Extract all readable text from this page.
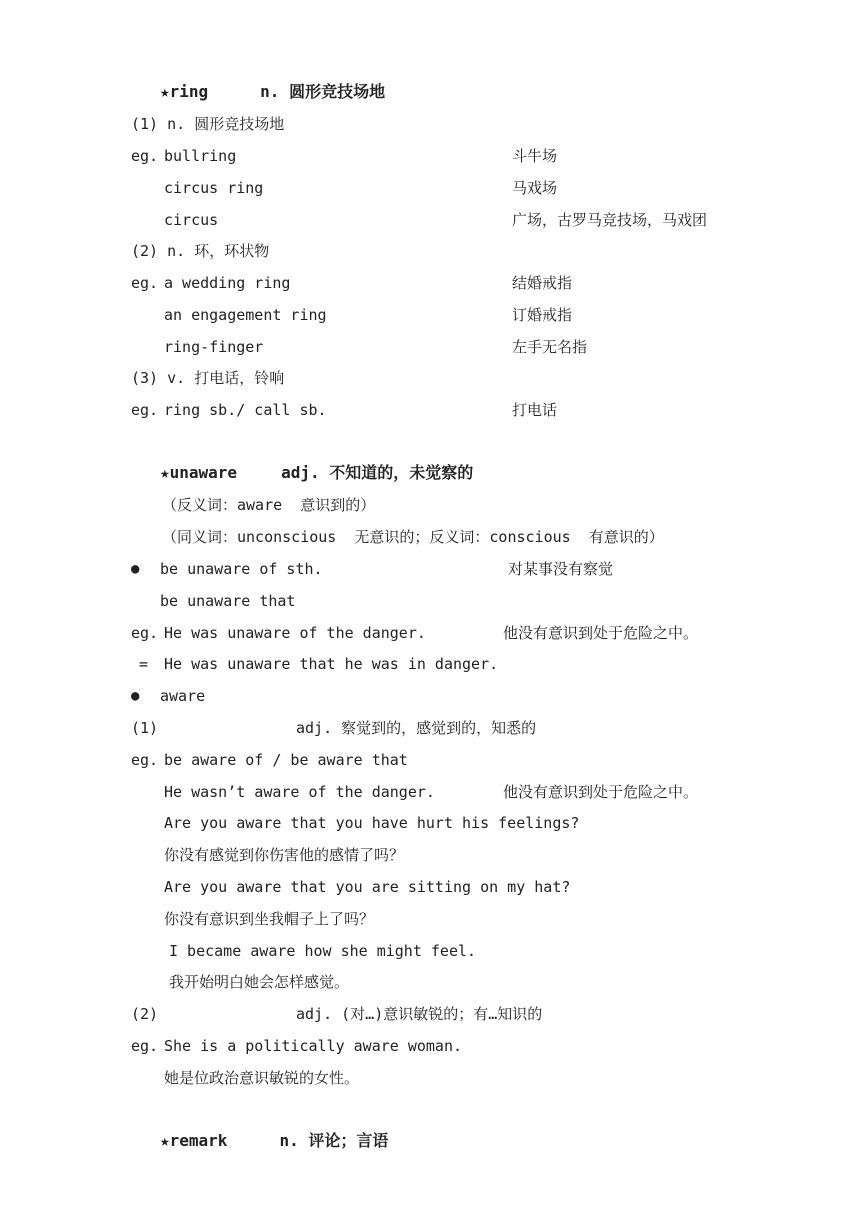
★ring	n. 圆形竞技场地
(1) n. 圆形竞技场地
eg. bullring	斗牛场
circus ring	马戏场
circus	广场，古罗马竞技场，马戏团
(2) n. 环，环状物
eg. a wedding ring	结婚戒指
an engagement ring	订婚戒指
ring-finger	左手无名指
(3) v. 打电话，铃响
eg. ring sb./ call sb.	打电话
★unaware	adj. 不知道的，未觉察的
（反义词：aware  意识到的）
（同义词：unconscious  无意识的；反义词：conscious  有意识的）
● be unaware of sth.	对某事没有察觉
be unaware that
eg. He was unaware of the danger.	他没有意识到处于危险之中。
= He was unaware that he was in danger.
● aware
(1)	adj. 察觉到的，感觉到的，知悉的
eg. be aware of / be aware that
He wasn’t aware of the danger.	他没有意识到处于危险之中。
Are you aware that you have hurt his feelings?
你没有感觉到你伤害他的感情了吗？
Are you aware that you are sitting on my hat?
你没有意识到坐我帽子上了吗？
I became aware how she might feel.
我开始明白她会怎样感觉。
(2)	adj. (对…)意识敏锐的；有…知识的
eg. She is a politically aware woman.
她是位政治意识敏锐的女性。
★remark	n. 评论；言语
